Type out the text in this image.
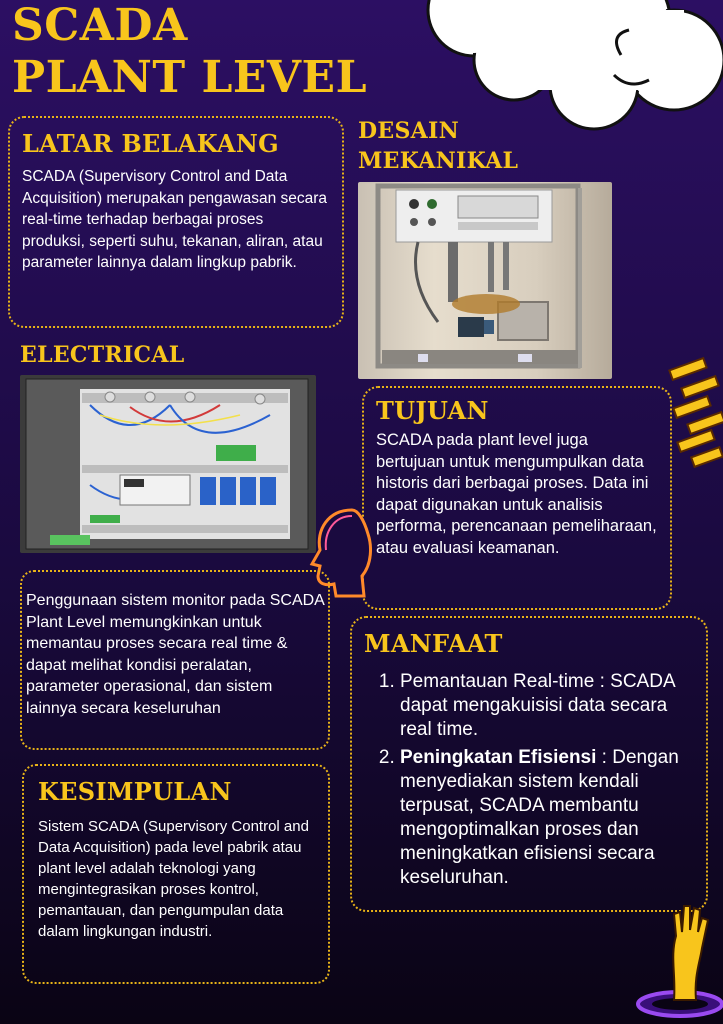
SCADA
PLANT LEVEL
LATAR BELAKANG

SCADA (Supervisory Control and Data Acquisition) merupakan pengawasan secara real-time terhadap berbagai proses produksi, seperti suhu, tekanan, aliran, atau parameter lainnya dalam lingkup pabrik.

DESAIN
MEKANIKAL
ELECTRICAL
TUJUAN

SCADA pada plant level juga bertujuan untuk mengumpulkan data historis dari berbagai proses. Data ini dapat digunakan untuk analisis performa, perencanaan pemeliharaan, atau evaluasi keamanan.

Penggunaan sistem monitor pada SCADA Plant Level memungkinkan untuk memantau proses secara real time & dapat melihat kondisi peralatan, parameter operasional, dan sistem lainnya secara keseluruhan

MANFAAT
1. Pemantauan Real-time : SCADA dapat mengakuisisi data secara real time.
2. Peningkatan Efisiensi : Dengan menyediakan sistem kendali terpusat, SCADA membantu mengoptimalkan proses dan meningkatkan efisiensi secara keseluruhan.
KESIMPULAN

Sistem SCADA (Supervisory Control and Data Acquisition) pada level pabrik atau plant level adalah teknologi yang mengintegrasikan proses kontrol, pemantauan, dan pengumpulan data dalam lingkungan industri.
